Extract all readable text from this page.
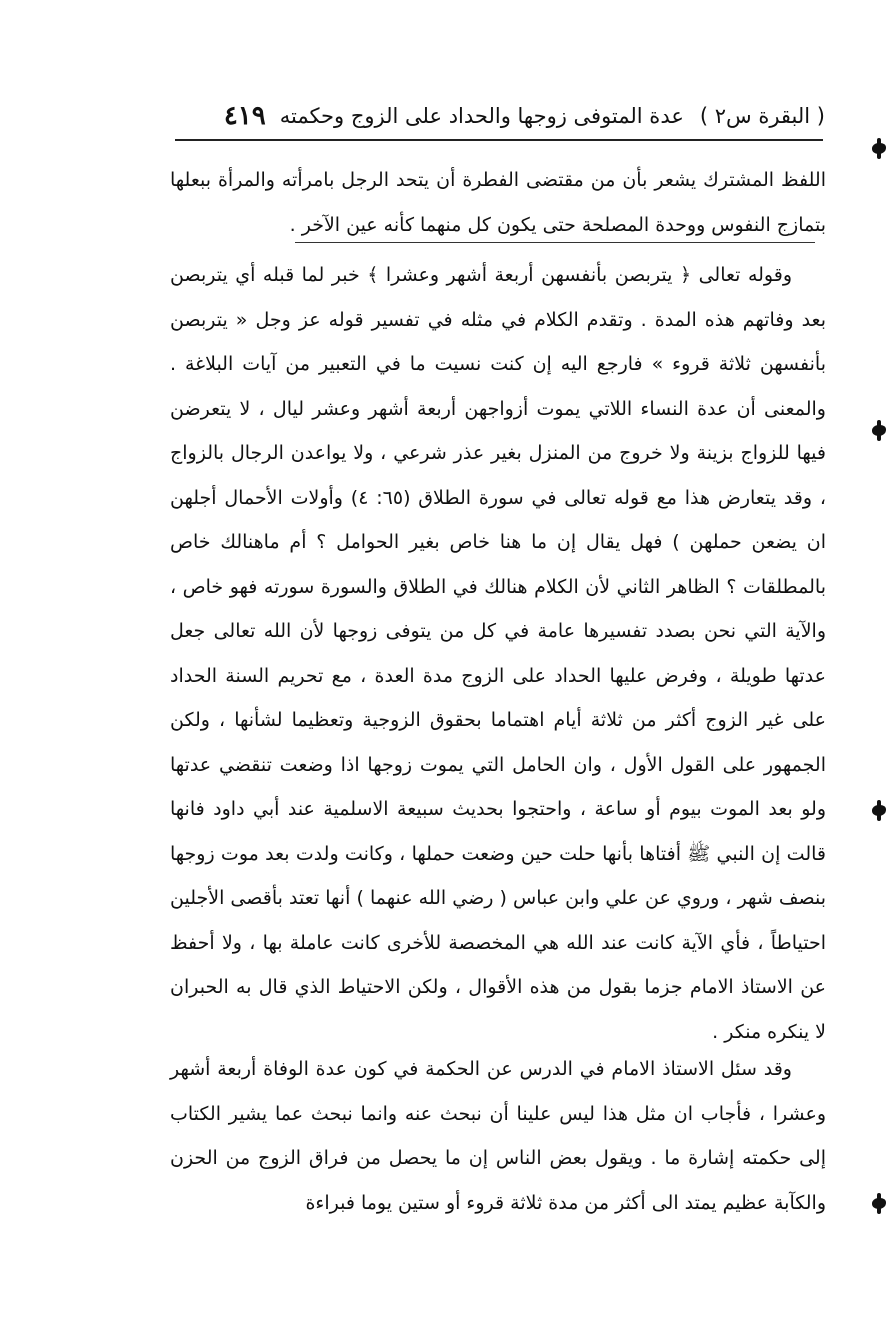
( البقرة س٢ )
عدة المتوفى زوجها والحداد على الزوج وحكمته
٤١٩

اللفظ المشترك يشعر بأن من مقتضى الفطرة أن يتحد الرجل بامرأته والمرأة ببعلها بتمازج النفوس ووحدة المصلحة حتى يكون كل منهما كأنه عين الآخر .

وقوله تعالى ﴿ يتربصن بأنفسهن أربعة أشهر وعشرا ﴾ خبر لما قبله أي يتربصن بعد وفاتهم هذه المدة . وتقدم الكلام في مثله في تفسير قوله عز وجل « يتربصن بأنفسهن ثلاثة قروء » فارجع اليه إن كنت نسيت ما في التعبير من آيات البلاغة . والمعنى أن عدة النساء اللاتي يموت أزواجهن أربعة أشهر وعشر ليال ، لا يتعرضن فيها للزواج بزينة ولا خروج من المنزل بغير عذر شرعي ، ولا يواعدن الرجال بالزواج ، وقد يتعارض هذا مع قوله تعالى في سورة الطلاق (٦٥: ٤) وأولات الأحمال أجلهن ان يضعن حملهن ) فهل يقال إن ما هنا خاص بغير الحوامل ؟ أم ماهنالك خاص بالمطلقات ؟ الظاهر الثاني لأن الكلام هنالك في الطلاق والسورة سورته فهو خاص ، والآية التي نحن بصدد تفسيرها عامة في كل من يتوفى زوجها لأن الله تعالى جعل عدتها طويلة ، وفرض عليها الحداد على الزوج مدة العدة ، مع تحريم السنة الحداد على غير الزوج أكثر من ثلاثة أيام اهتماما بحقوق الزوجية وتعظيما لشأنها ، ولكن الجمهور على القول الأول ، وان الحامل التي يموت زوجها اذا وضعت تنقضي عدتها ولو بعد الموت بيوم أو ساعة ، واحتجوا بحديث سبيعة الاسلمية عند أبي داود فانها قالت إن النبي ﷺ أفتاها بأنها حلت حين وضعت حملها ، وكانت ولدت بعد موت زوجها بنصف شهر ، وروي عن علي وابن عباس ( رضي الله عنهما ) أنها تعتد بأقصى الأجلين احتياطاً ، فأي الآية كانت عند الله هي المخصصة للأخرى كانت عاملة بها ، ولا أحفظ عن الاستاذ الامام جزما بقول من هذه الأقوال ، ولكن الاحتياط الذي قال به الحبران لا ينكره منكر .

وقد سئل الاستاذ الامام في الدرس عن الحكمة في كون عدة الوفاة أربعة أشهر وعشرا ، فأجاب ان مثل هذا ليس علينا أن نبحث عنه وانما نبحث عما يشير الكتاب إلى حكمته إشارة ما . ويقول بعض الناس إن ما يحصل من فراق الزوج من الحزن والكآبة عظيم يمتد الى أكثر من مدة ثلاثة قروء أو ستين يوما فبراءة
